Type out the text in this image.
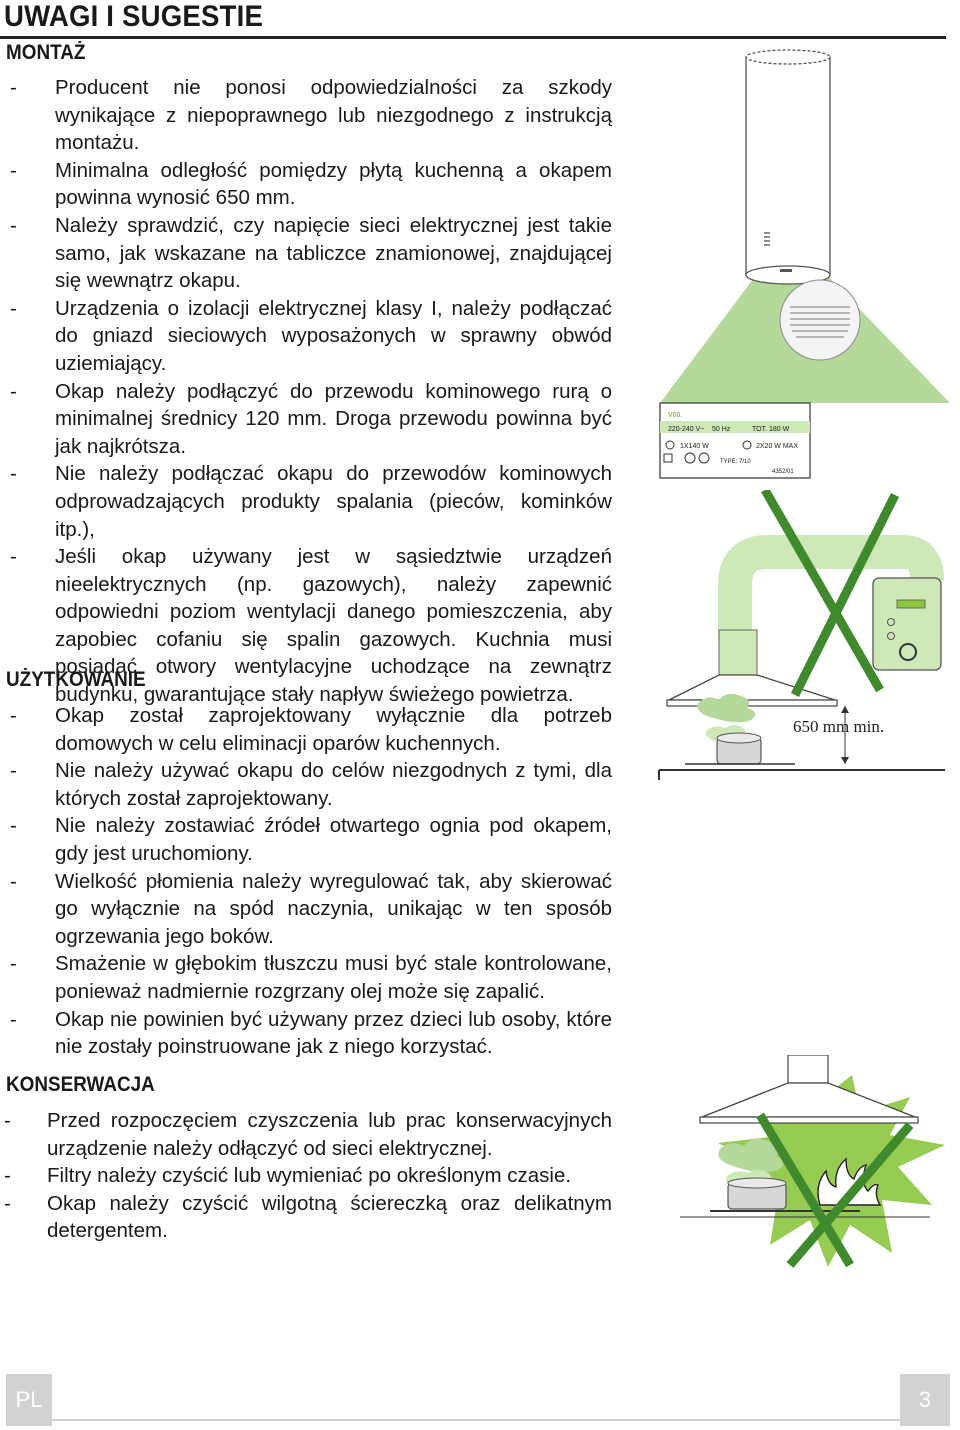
UWAGI I SUGESTIE
MONTAŻ
- Producent nie ponosi odpowiedzialności za szkody wynikające z niepoprawnego lub niezgodnego z instrukcją montażu.
- Minimalna odległość pomiędzy płytą kuchenną a okapem powinna wynosić 650 mm.
- Należy sprawdzić, czy napięcie sieci elektrycznej jest takie samo, jak wskazane na tabliczce znamionowej, znajdującej się wewnątrz okapu.
- Urządzenia o izolacji elektrycznej klasy I, należy podłączać do gniazd sieciowych wyposażonych w sprawny obwód uziemiający.
- Okap należy podłączyć do przewodu kominowego rurą o minimalnej średnicy 120 mm. Droga przewodu powinna być jak najkrótsza.
- Nie należy podłączać okapu do przewodów kominowych odprowadzających produkty spalania (pieców, kominków itp.),
- Jeśli okap używany jest w sąsiedztwie urządzeń nieelektrycznych (np. gazowych), należy zapewnić odpowiedni poziom wentylacji danego pomieszczenia, aby zapobiec cofaniu się spalin gazowych. Kuchnia musi posiadać otwory wentylacyjne uchodzące na zewnątrz budynku, gwarantujące stały napływ świeżego powietrza.
UŻYTKOWANIE
- Okap został zaprojektowany wyłącznie dla potrzeb domowych w celu eliminacji oparów kuchennych.
- Nie należy używać okapu do celów niezgodnych z tymi, dla których został zaprojektowany.
- Nie należy zostawiać źródeł otwartego ognia pod okapem, gdy jest uruchomiony.
- Wielkość płomienia należy wyregulować tak, aby skierować go wyłącznie na spód naczynia, unikając w ten sposób ogrzewania jego boków.
- Smażenie w głębokim tłuszczu musi być stale kontrolowane, ponieważ nadmiernie rozgrzany olej może się zapalić.
- Okap nie powinien być używany przez dzieci lub osoby, które nie zostały poinstruowane jak z niego korzystać.
KONSERWACJA
- Przed rozpoczęciem czyszczenia lub prac konserwacyjnych urządzenie należy odłączyć od sieci elektrycznej.
- Filtry należy czyścić lub wymieniać po określonym czasie.
- Okap należy czyścić wilgotną ściereczką oraz delikatnym detergentem.
V00.
220-240 V~ 50 Hz	TOT. 180 W
1X140 W	2X20 W MAX
TYPE: 7/10
4352/01
650 mm min.
PL	3
